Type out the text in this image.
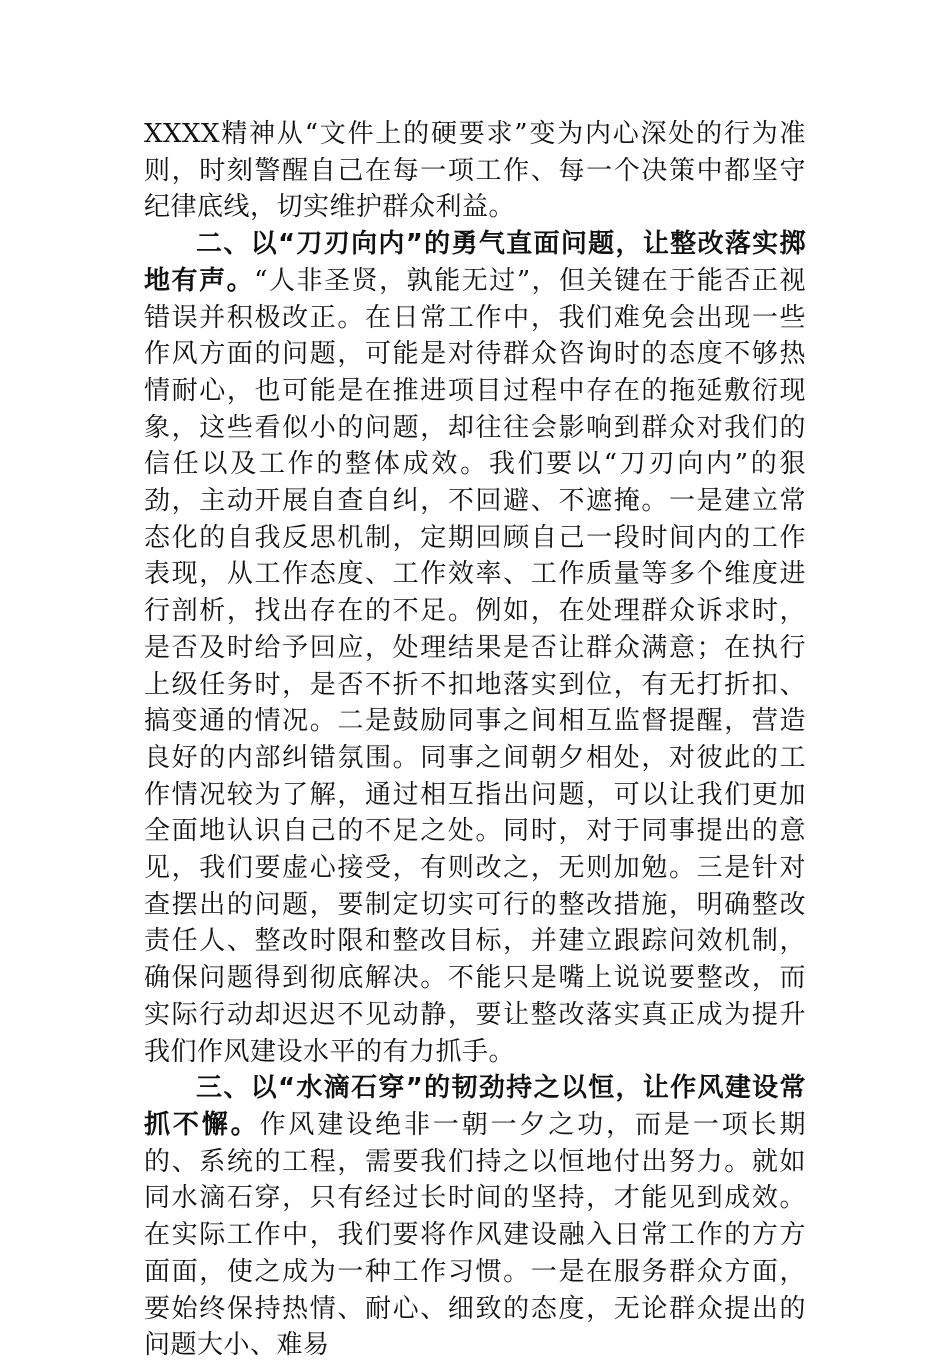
XXXX精神从“文件上的硬要求”变为内心深处的行为准则，时刻警醒自己在每一项工作、每一个决策中都坚守纪律底线，切实维护群众利益。

二、以“刀刃向内”的勇气直面问题，让整改落实掷地有声。“人非圣贤，孰能无过”，但关键在于能否正视错误并积极改正。在日常工作中，我们难免会出现一些作风方面的问题，可能是对待群众咨询时的态度不够热情耐心，也可能是在推进项目过程中存在的拖延敷衍现象，这些看似小的问题，却往往会影响到群众对我们的信任以及工作的整体成效。我们要以“刀刃向内”的狠劲，主动开展自查自纠，不回避、不遮掩。一是建立常态化的自我反思机制，定期回顾自己一段时间内的工作表现，从工作态度、工作效率、工作质量等多个维度进行剖析，找出存在的不足。例如，在处理群众诉求时，是否及时给予回应，处理结果是否让群众满意；在执行上级任务时，是否不折不扣地落实到位，有无打折扣、搞变通的情况。二是鼓励同事之间相互监督提醒，营造良好的内部纠错氛围。同事之间朝夕相处，对彼此的工作情况较为了解，通过相互指出问题，可以让我们更加全面地认识自己的不足之处。同时，对于同事提出的意见，我们要虚心接受，有则改之，无则加勉。三是针对查摆出的问题，要制定切实可行的整改措施，明确整改责任人、整改时限和整改目标，并建立跟踪问效机制，确保问题得到彻底解决。不能只是嘴上说说要整改，而实际行动却迟迟不见动静，要让整改落实真正成为提升我们作风建设水平的有力抓手。

三、以“水滴石穿”的韧劲持之以恒，让作风建设常抓不懈。作风建设绝非一朝一夕之功，而是一项长期的、系统的工程，需要我们持之以恒地付出努力。就如同水滴石穿，只有经过长时间的坚持，才能见到成效。在实际工作中，我们要将作风建设融入日常工作的方方面面，使之成为一种工作习惯。一是在服务群众方面，要始终保持热情、耐心、细致的态度，无论群众提出的问题大小、难易
